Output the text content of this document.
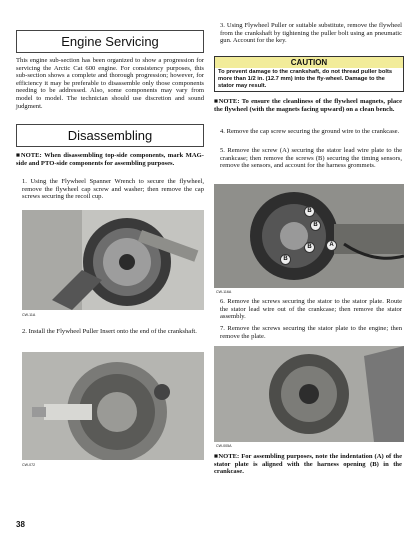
Engine Servicing
This engine sub-section has been organized to show a progression for servicing the Arctic Cat 600 engine. For consistency purposes, this sub-section shows a complete and thorough progression; however, for efficiency it may be preferable to disassemble only those components needing to be addressed. Also, some components may vary from model to model. The technician should use discretion and sound judgment.
Disassembling
■NOTE: When disassembling top-side components, mark MAG-side and PTO-side components for assembling purposes.
1. Using the Flywheel Spanner Wrench to secure the flywheel, remove the flywheel cap screw and washer; then remove the cap screws securing the recoil cup.
CW-11A
2. Install the Flywheel Puller Insert onto the end of the crankshaft.
CW-072
3. Using Flywheel Puller or suitable substitute, remove the flywheel from the crankshaft by tightening the puller bolt using an pneumatic gun. Account for the key.
CAUTION
To prevent damage to the crankshaft, do not thread puller bolts more than 1/2 in. (12.7 mm) into the fly-wheel. Damage to the stator may result.
■NOTE: To ensure the cleanliness of the flywheel magnets, place the flywheel (with the magnets facing upward) on a clean bench.
4. Remove the cap screw securing the ground wire to the crankcase.
5. Remove the screw (A) securing the stator lead wire plate to the crankcase; then remove the screws (B) securing the timing sensors, remove the sensors, and account for the harness grommets.
B
B
B	A
B
CW-116A
6. Remove the screws securing the stator to the stator plate. Route the stator lead wire out of the crankcase; then remove the stator assembly.
7. Remove the screws securing the stator plate to the engine; then remove the plate.
CW-005A
■NOTE: For assembling purposes, note the indentation (A) of the stator plate is aligned with the harness opening (B) in the crankcase.
38
